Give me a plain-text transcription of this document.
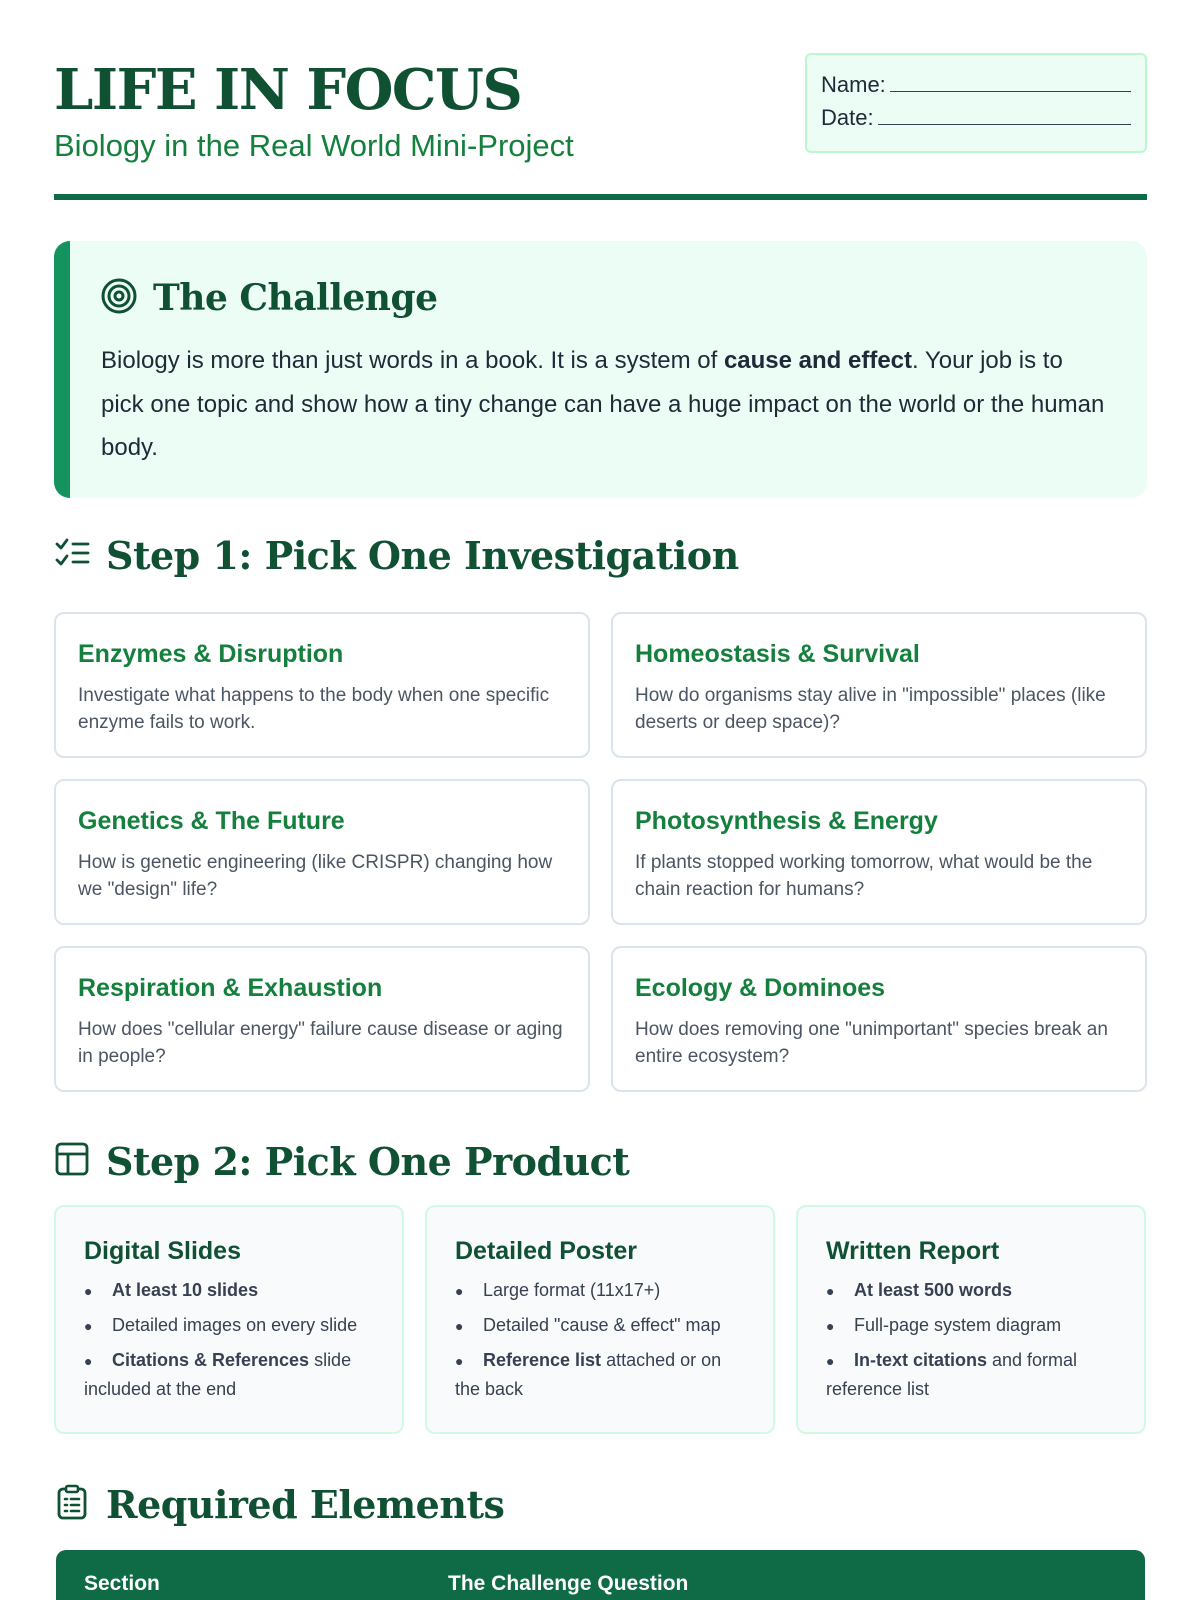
LIFE IN FOCUS
Biology in the Real World Mini-Project
Name:
Date:
The Challenge

Biology is more than just words in a book. It is a system of cause and effect. Your job is to pick one topic and show how a tiny change can have a huge impact on the world or the human body.

Step 1: Pick One Investigation
Enzymes & Disruption

Investigate what happens to the body when one specific enzyme fails to work.

Homeostasis & Survival

How do organisms stay alive in "impossible" places (like deserts or deep space)?

Genetics & The Future

How is genetic engineering (like CRISPR) changing how we "design" life?

Photosynthesis & Energy

If plants stopped working tomorrow, what would be the chain reaction for humans?

Respiration & Exhaustion

How does "cellular energy" failure cause disease or aging in people?

Ecology & Dominoes

How does removing one "unimportant" species break an entire ecosystem?

Step 2: Pick One Product
Digital Slides
● At least 10 slides
● Detailed images on every slide
● Citations & References slide included at the end
Detailed Poster
● Large format (11x17+)
● Detailed "cause & effect" map
● Reference list attached or on the back
Written Report
● At least 500 words
● Full-page system diagram
● In-text citations and formal reference list
Required Elements
Section	The Challenge Question
